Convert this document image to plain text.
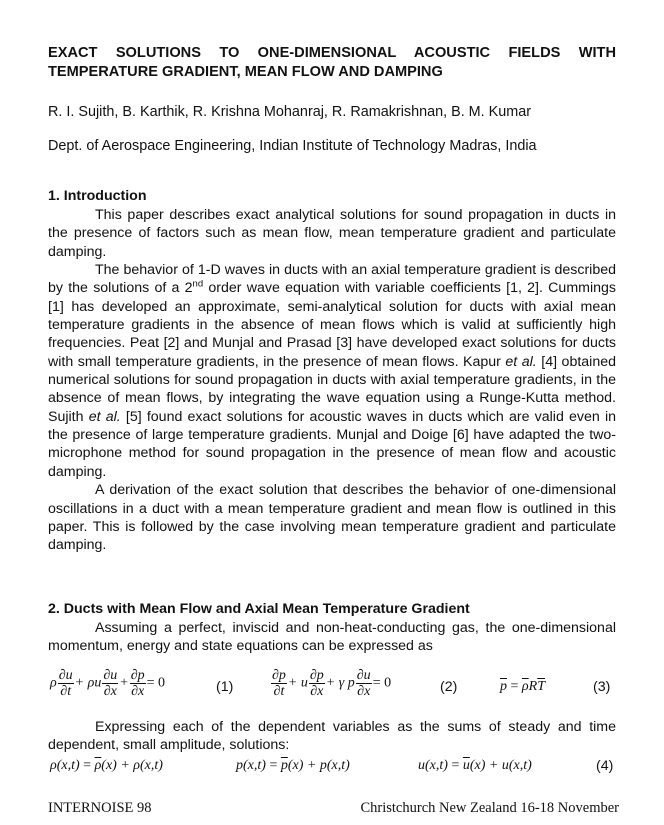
EXACT SOLUTIONS TO ONE-DIMENSIONAL ACOUSTIC FIELDS WITH TEMPERATURE GRADIENT, MEAN FLOW AND DAMPING
R. I. Sujith, B. Karthik, R. Krishna Mohanraj, R. Ramakrishnan, B. M. Kumar
Dept. of Aerospace Engineering, Indian Institute of Technology Madras, India
1. Introduction

This paper describes exact analytical solutions for sound propagation in ducts in the presence of factors such as mean flow, mean temperature gradient and particulate damping.

The behavior of 1-D waves in ducts with an axial temperature gradient is described by the solutions of a 2nd order wave equation with variable coefficients [1, 2]. Cummings [1] has developed an approximate, semi-analytical solution for ducts with axial mean temperature gradients in the absence of mean flows which is valid at sufficiently high frequencies. Peat [2] and Munjal and Prasad [3] have developed exact solutions for ducts with small temperature gradients, in the presence of mean flows. Kapur et al. [4] obtained numerical solutions for sound propagation in ducts with axial temperature gradients, in the absence of mean flows, by integrating the wave equation using a Runge-Kutta method. Sujith et al. [5] found exact solutions for acoustic waves in ducts which are valid even in the presence of large temperature gradients. Munjal and Doige [6] have adapted the two-microphone method for sound propagation in the presence of mean flow and acoustic damping.

A derivation of the exact solution that describes the behavior of one-dimensional oscillations in a duct with a mean temperature gradient and mean flow is outlined in this paper. This is followed by the case involving mean temperature gradient and particulate damping.

2. Ducts with Mean Flow and Axial Mean Temperature Gradient

Assuming a perfect, inviscid and non-heat-conducting gas, the one-dimensional momentum, energy and state equations can be expressed as

ρ $\frac{\partial u}{\partial t} + \rho u \frac{\partial u}{\partial x} + \frac{\partial p}{\partial x} = 0$	(1)	$\frac{\partial p}{\partial t} + u \frac{\partial p}{\partial x} + \gamma$ p $\frac{\partial u}{\partial x} = 0$	(2)	$\overline{p} = \overline{\rho}R\overline{T}$	(3)

Expressing each of the dependent variables as the sums of steady and time dependent, small amplitude, solutions:

$\rho(x,t) = \overline{\rho}(x) + \rho(x,t)$	$p(x,t) = \overline{p}(x) + p(x,t)$	$u(x,t) = \overline{u}(x) + u(x,t)$	(4)
INTERNOISE 98	Christchurch New Zealand 16-18 November
